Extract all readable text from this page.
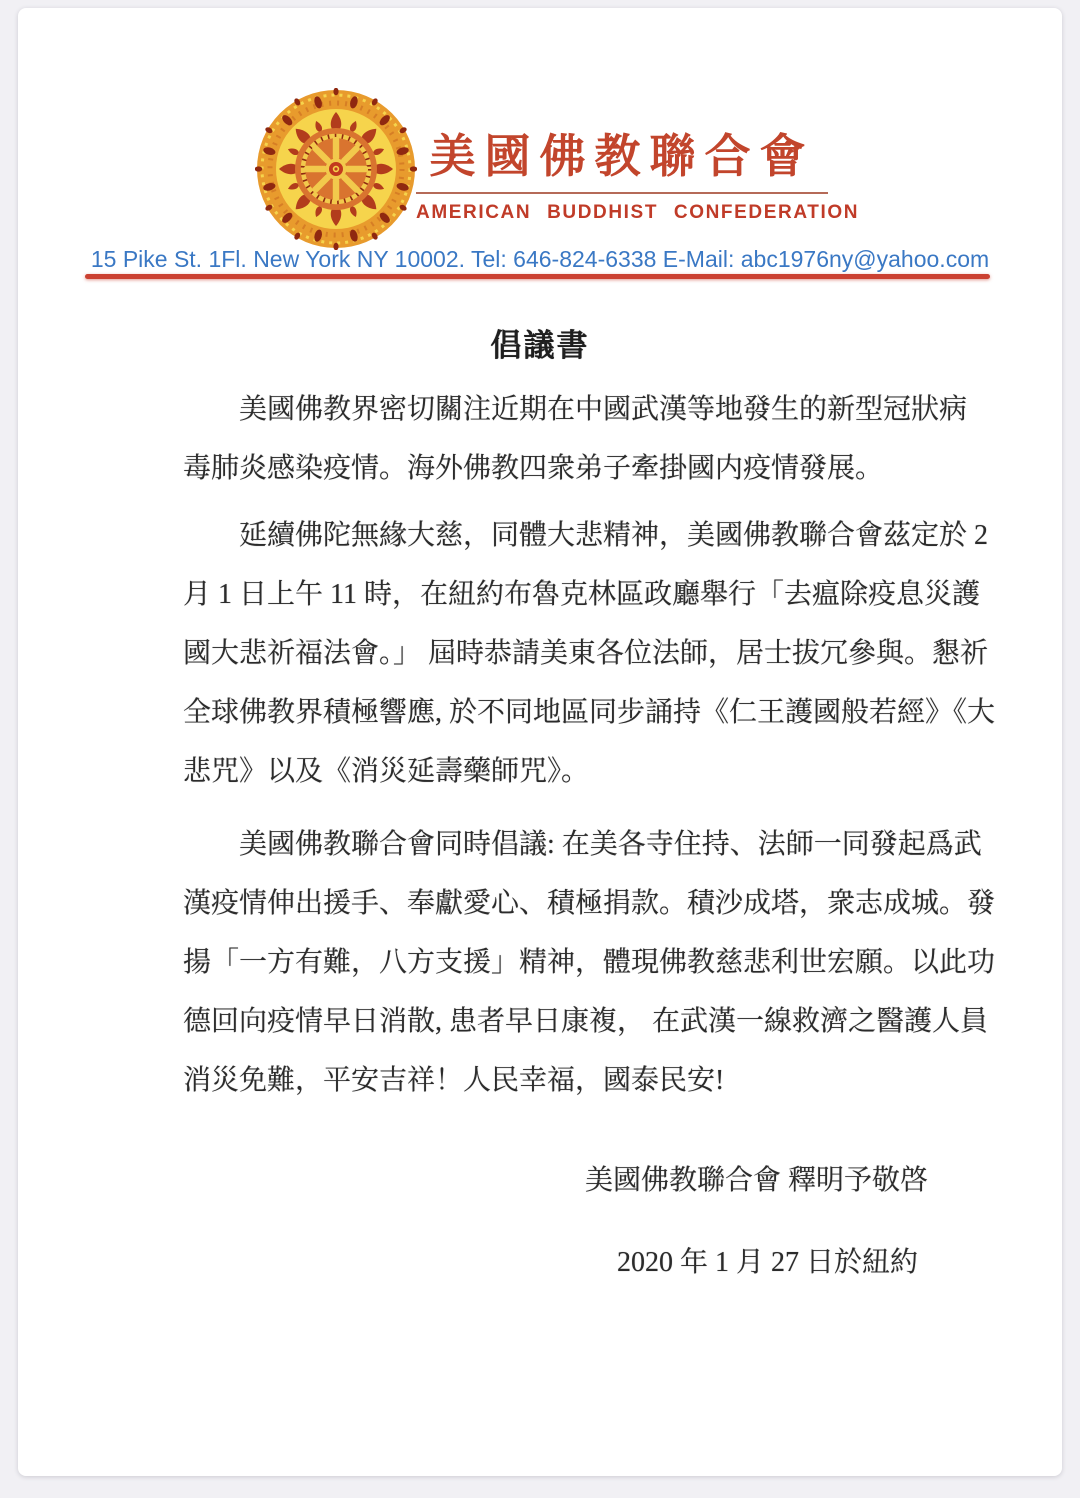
美國佛教聯合會
AMERICAN BUDDHIST CONFEDERATION
15 Pike St. 1Fl. New York NY 10002. Tel: 646-824-6338 E-Mail: abc1976ny@yahoo.com
倡議書
美國佛教界密切關注近期在中國武漢等地發生的新型冠狀病
毒肺炎感染疫情。海外佛教四衆弟子牽掛國内疫情發展。
延續佛陀無緣大慈，同體大悲精神，美國佛教聯合會茲定於 2
月 1 日上午 11 時，在紐約布魯克林區政廳舉行「去瘟除疫息災護
國大悲祈福法會。」 屆時恭請美東各位法師，居士拔冗參與。懇祈
全球佛教界積極響應, 於不同地區同步誦持《仁王護國般若經》《大
悲咒》以及《消災延壽藥師咒》。
美國佛教聯合會同時倡議: 在美各寺住持、法師一同發起爲武
漢疫情伸出援手、奉獻愛心、積極捐款。積沙成塔，衆志成城。發
揚「一方有難，八方支援」精神，體現佛教慈悲利世宏願。以此功
德回向疫情早日消散, 患者早日康複， 在武漢一線救濟之醫護人員
消災免難，平安吉祥！人民幸福，國泰民安!
美國佛教聯合會 釋明予敬啓
2020 年 1 月 27 日於紐約
